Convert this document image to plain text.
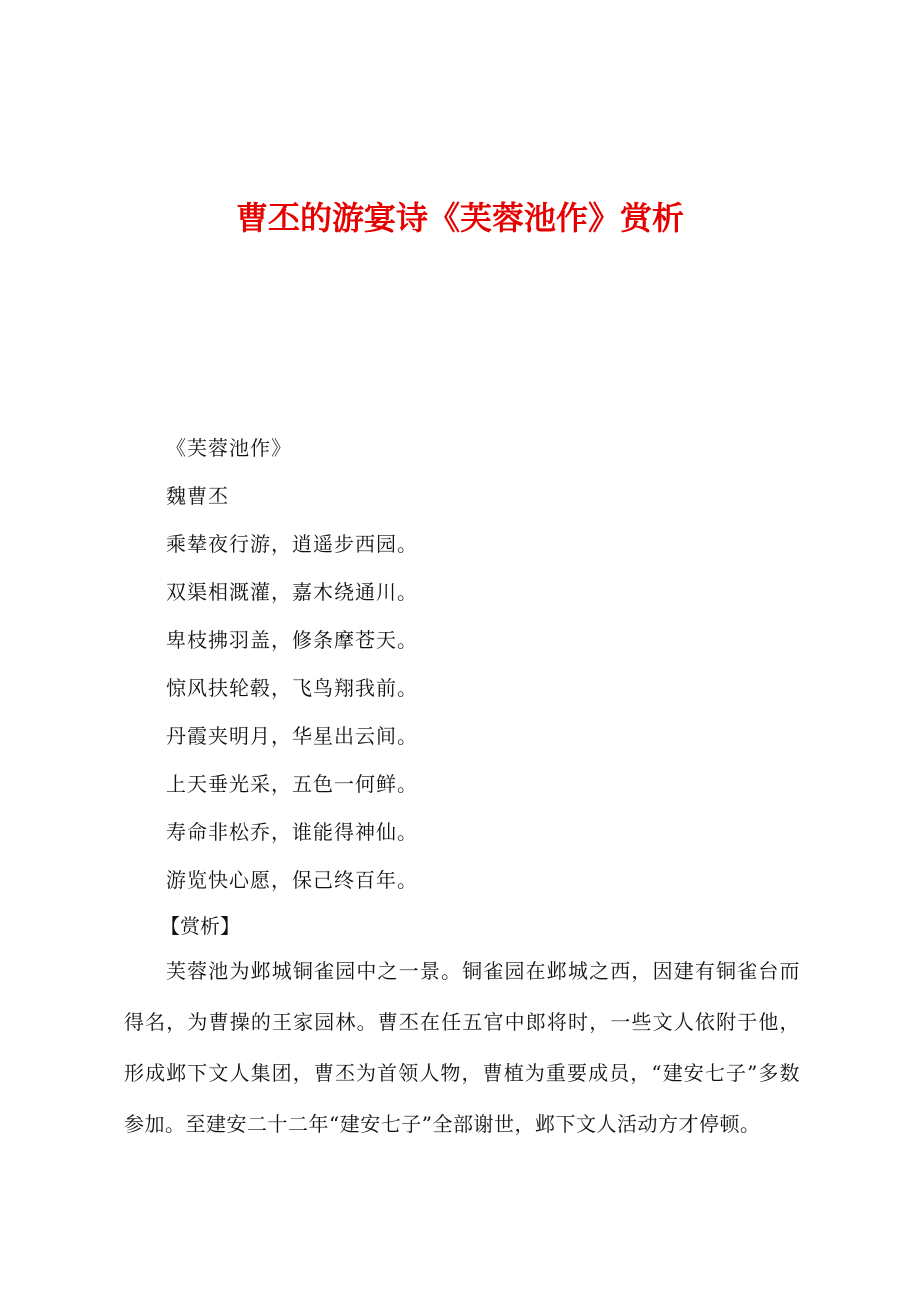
曹丕的游宴诗《芙蓉池作》赏析
《芙蓉池作》
魏曹丕
乘辇夜行游，逍遥步西园。
双渠相溉灌，嘉木绕通川。
卑枝拂羽盖，修条摩苍天。
惊风扶轮毂，飞鸟翔我前。
丹霞夹明月，华星出云间。
上天垂光采，五色一何鲜。
寿命非松乔，谁能得神仙。
游览快心愿，保己终百年。
【赏析】
芙蓉池为邺城铜雀园中之一景。铜雀园在邺城之西，因建有铜雀台而得名，为曹操的王家园林。曹丕在任五官中郎将时，一些文人依附于他，形成邺下文人集团，曹丕为首领人物，曹植为重要成员，“建安七子”多数参加。至建安二十二年“建安七子”全部谢世，邺下文人活动方才停顿。
